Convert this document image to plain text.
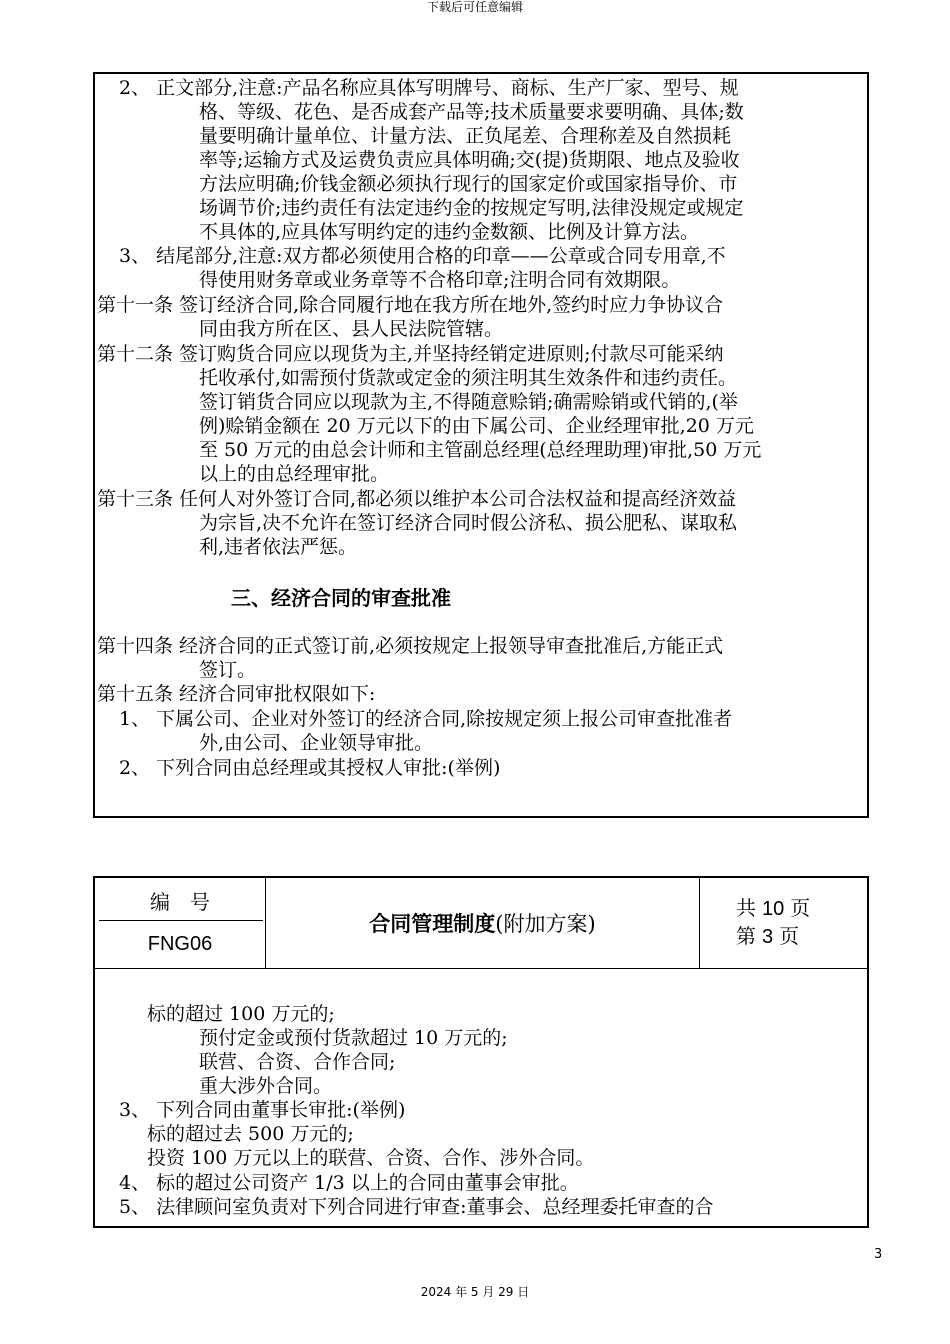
下载后可任意编辑
2、 正文部分,注意:产品名称应具体写明牌号、商标、生产厂家、型号、规
格、等级、花色、是否成套产品等;技术质量要求要明确、具体;数
量要明确计量单位、计量方法、正负尾差、合理称差及自然损耗
率等;运输方式及运费负责应具体明确;交(提)货期限、地点及验收
方法应明确;价钱金额必须执行现行的国家定价或国家指导价、市
场调节价;违约责任有法定违约金的按规定写明,法律没规定或规定
不具体的,应具体写明约定的违约金数额、比例及计算方法。
3、 结尾部分,注意:双方都必须使用合格的印章——公章或合同专用章,不
得使用财务章或业务章等不合格印章;注明合同有效期限。
第十一条 签订经济合同,除合同履行地在我方所在地外,签约时应力争协议合
同由我方所在区、县人民法院管辖。
第十二条 签订购货合同应以现货为主,并坚持经销定进原则;付款尽可能采纳
托收承付,如需预付货款或定金的须注明其生效条件和违约责任。
签订销货合同应以现款为主,不得随意赊销;确需赊销或代销的,(举
例)赊销金额在 20 万元以下的由下属公司、企业经理审批,20 万元
至 50 万元的由总会计师和主管副总经理(总经理助理)审批,50 万元
以上的由总经理审批。
第十三条 任何人对外签订合同,都必须以维护本公司合法权益和提高经济效益
为宗旨,决不允许在签订经济合同时假公济私、损公肥私、谋取私
利,违者依法严惩。
三、经济合同的审查批准
第十四条 经济合同的正式签订前,必须按规定上报领导审查批准后,方能正式
签订。
第十五条 经济合同审批权限如下:
1、 下属公司、企业对外签订的经济合同,除按规定须上报公司审查批准者
外,由公司、企业领导审批。
2、 下列合同由总经理或其授权人审批:(举例)
编　号
FNG06
合同管理制度 (附加方案)
共 10 页
第 3 页
标的超过 100 万元的;
预付定金或预付货款超过 10 万元的;
联营、合资、合作合同;
重大涉外合同。
3、 下列合同由董事长审批:(举例)
标的超过去 500 万元的;
投资 100 万元以上的联营、合资、合作、涉外合同。
4、 标的超过公司资产 1/3 以上的合同由董事会审批。
5、 法律顾问室负责对下列合同进行审查:董事会、总经理委托审查的合
3
2024 年 5 月 29 日
